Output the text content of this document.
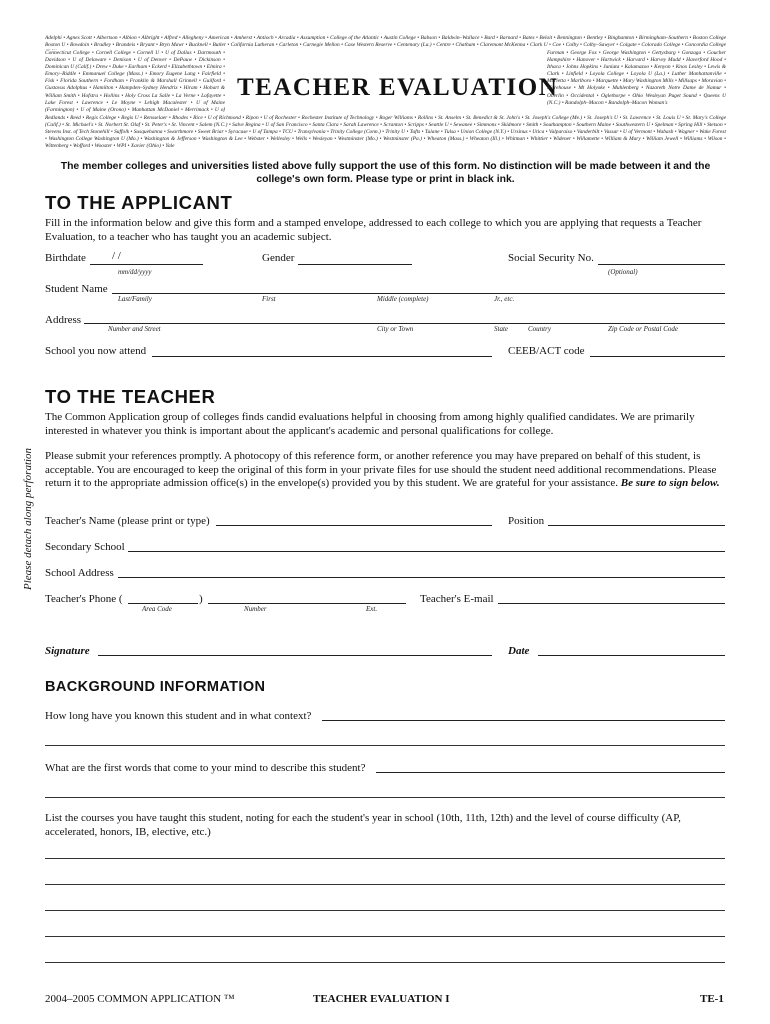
Adelphi • Agnes Scott • Albertson • Albion • Albright • Alfred • Allegheny • American • Amherst • Antioch • Arcadia • Assumption • College of the Atlantic • Austin College • Babson • Baldwin–Wallace • Bard • Barnard • Bates • Beloit • Bennington • Bentley • Binghamton • Birmingham–Southern • Boston College Boston U • Bowdoin • Bradley • Brandeis • Bryant • Bryn Mawr • Bucknell • Butler • California Lutheran • Carleton • Carnegie Mellon • Case Western Reserve • Centenary (La.) • Centre • Chatham • Claremont McKenna • Clark U • Coe • Colby • Colby–Sawyer • Colgate • Colorado College • Concordia College
Connecticut College • Cornell College • Cornell U • U of Dallas • Dartmouth • Davidson • U of Delaware • Denison • U of Denver • DePauw • Dickinson • Dominican U (Calif.) • Drew • Duke • Earlham • Eckerd • Elizabethtown • Elmira • Emory–Riddle • Emmanuel College (Mass.) • Emory Eugene Lang • Fairfield • Fisk • Florida Southern • Fordham • Franklin & Marshall Grinnell • Guilford • Gustavus Adolphus • Hamilton • Hampden–Sydney Hendrix • Hiram • Hobart & William Smith • Hofstra • Hollins • Holy Cross La Salle • La Verne • Lafayette • Lake Forest • Lawrence • Le Moyne • Lehigh Macalester • U of Maine (Farmington) • U of Maine (Orono) • Manhattan McDaniel • Merrimack • U of
TEACHER EVALUATION
Furman • George Fox • George Washington • Gettysburg • Gonzaga • Goucher Hampshire • Hanover • Hartwick • Harvard • Harvey Mudd • Haverford Hood • Ithaca • Johns Hopkins • Juniata • Kalamazoo • Kenyon • Knox Lesley • Lewis & Clark • Linfield • Loyola College • Loyola U (La.) • Luther Manhattanville • Marietta • Marlboro • Marquette • Mary Washington Mills • Millsaps • Moravian • Morehouse • Mt Holyoke • Muhlenberg • Nazareth Notre Dame de Namur • Oberlin • Occidental • Oglethorpe • Ohio Wesleyan Puget Sound • Queens U (N.C.) • Randolph–Macon • Randolph–Macon Woman's
Redlands • Reed • Regis College • Regis U • Rensselaer • Rhodes • Rice • U of Richmond • Ripon • U of Rochester • Rochester Institute of Technology • Roger Williams • Rollins • St. Anselm • St. Benedict & St. John's • St. Joseph's College (Me.) • St. Joseph's U • St. Lawrence • St. Louis U • St. Mary's College (Calif.) • St. Michael's • St. Norbert St. Olaf • St. Peter's • St. Vincent • Salem (N.C.) • Salve Regina • U of San Francisco • Santa Clara • Sarah Lawrence • Scranton • Scripps • Seattle U • Sewanee • Simmons • Skidmore • Smith • Southampton • Southern Maine • Southwestern U • Spelman • Spring Hill • Stetson • Stevens Inst. of Tech Stonehill • Suffolk • Susquehanna • Swarthmore • Sweet Briar • Syracuse • U of Tampa • TCU • Transylvania • Trinity College (Conn.) • Trinity U • Tufts • Tulane • Tulsa • Union College (N.Y.) • Ursinus • Utica • Valparaiso • Vanderbilt • Vassar • U of Vermont • Wabash • Wagner • Wake Forest • Washington College Washington U (Mo.) • Washington & Jefferson • Washington & Lee • Webster • Wellesley • Wells • Wesleyan • Westminster (Mo.) • Westminster (Pa.) • Wheaton (Mass.) • Wheaton (Ill.) • Whitman • Whittier • Widener • Willamette • William & Mary • William Jewell • Williams • Wilson • Wittenberg • Wofford • Wooster • WPI • Xavier (Ohio) • Yale
The member colleges and universities listed above fully support the use of this form. No distinction will be made between it and the college's own form. Please type or print in black ink.
TO THE APPLICANT
Fill in the information below and give this form and a stamped envelope, addressed to each college to which you are applying that requests a Teacher Evaluation, to a teacher who has taught you an academic subject.
Birthdate / /
mm/dd/yyyy
Gender	Social Security No.
(Optional)
Student Name
Last/Family	First	Middle (complete)	Jr., etc.
Address
Number and Street	City or Town	State	Country	Zip Code or Postal Code
School you now attend	CEEB/ACT code
TO THE TEACHER
The Common Application group of colleges finds candid evaluations helpful in choosing from among highly qualified candidates. We are primarily interested in whatever you think is important about the applicant's academic and personal qualifications for college.
Please submit your references promptly. A photocopy of this reference form, or another reference you may have prepared on behalf of this student, is acceptable. You are encouraged to keep the original of this form in your private files for use should the student need additional recommendations. Please return it to the appropriate admission office(s) in the envelope(s) provided you by this student. We are grateful for your assistance. Be sure to sign below.
Please detach along perforation Teacher's Name (please print or type)	Position
Secondary School
School Address
Teacher's Phone (	)
Area Code	Number	Ext.
Teacher's E-mail
Signature	Date
BACKGROUND INFORMATION
How long have you known this student and in what context?
What are the first words that come to your mind to describe this student?
List the courses you have taught this student, noting for each the student's year in school (10th, 11th, 12th) and the level of course difficulty (AP, accelerated, honors, IB, elective, etc.)
2004–2005 COMMON APPLICATION ™	TEACHER EVALUATION I	TE-1
